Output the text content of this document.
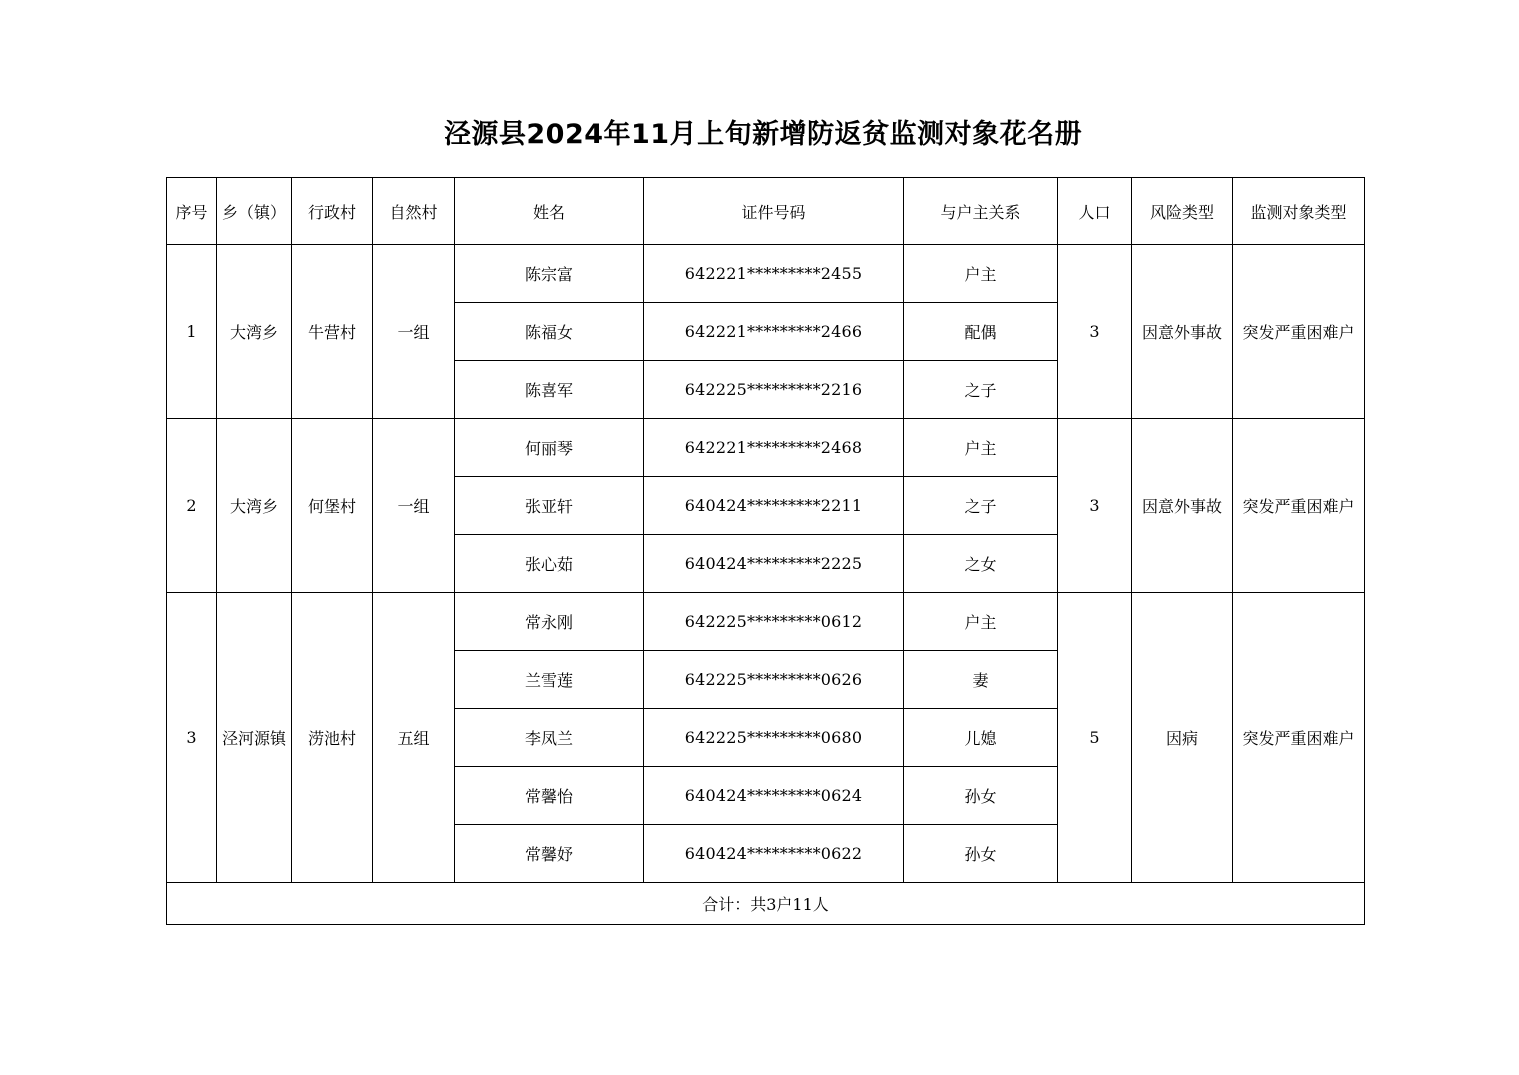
泾源县2024年11月上旬新增防返贫监测对象花名册
序号	乡（镇）	行政村	自然村	姓名	证件号码	与户主关系	人口	风险类型	监测对象类型
1	大湾乡	牛营村	一组	陈宗富	642221*********2455	户主	3	因意外事故	突发严重困难户
				陈福女	642221*********2466	配偶			
				陈喜军	642225*********2216	之子			
2	大湾乡	何堡村	一组	何丽琴	642221*********2468	户主	3	因意外事故	突发严重困难户
				张亚轩	640424*********2211	之子			
				张心茹	640424*********2225	之女			
3	泾河源镇	涝池村	五组	常永刚	642225*********0612	户主	5	因病	突发严重困难户
				兰雪莲	642225*********0626	妻			
				李凤兰	642225*********0680	儿媳			
				常馨怡	640424*********0624	孙女			
				常馨妤	640424*********0622	孙女			
合计：共3户11人									
